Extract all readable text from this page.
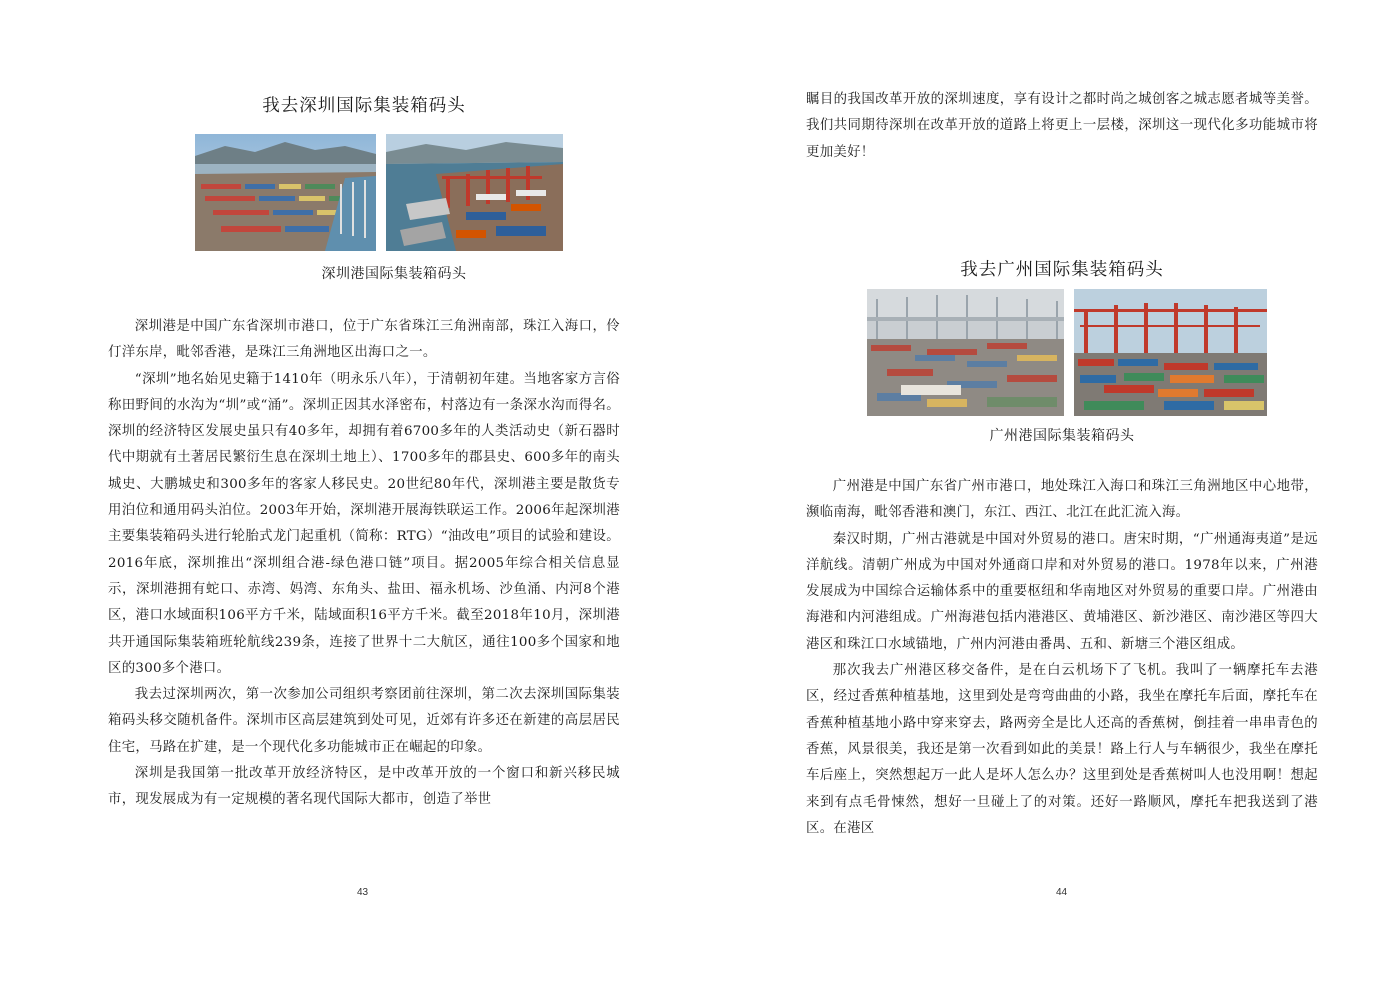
我去深圳国际集装箱码头
深圳港国际集装箱码头

深圳港是中国广东省深圳市港口，位于广东省珠江三角洲南部，珠江入海口，伶仃洋东岸，毗邻香港，是珠江三角洲地区出海口之一。

“深圳”地名始见史籍于1410年（明永乐八年），于清朝初年建。当地客家方言俗称田野间的水沟为“圳”或“涌”。深圳正因其水泽密布，村落边有一条深水沟而得名。深圳的经济特区发展史虽只有40多年，却拥有着6700多年的人类活动史（新石器时代中期就有土著居民繁衍生息在深圳土地上）、1700多年的郡县史、600多年的南头城史、大鹏城史和300多年的客家人移民史。20世纪80年代，深圳港主要是散货专用泊位和通用码头泊位。2003年开始，深圳港开展海铁联运工作。2006年起深圳港主要集装箱码头进行轮胎式龙门起重机（简称：RTG）“油改电”项目的试验和建设。2016年底，深圳推出“深圳组合港-绿色港口链”项目。据2005年综合相关信息显示，深圳港拥有蛇口、赤湾、妈湾、东角头、盐田、福永机场、沙鱼涌、内河8个港区，港口水域面积106平方千米，陆域面积16平方千米。截至2018年10月，深圳港共开通国际集装箱班轮航线239条，连接了世界十二大航区，通往100多个国家和地区的300多个港口。

我去过深圳两次，第一次参加公司组织考察团前往深圳，第二次去深圳国际集装箱码头移交随机备件。深圳市区高层建筑到处可见，近郊有许多还在新建的高层居民住宅，马路在扩建，是一个现代化多功能城市正在崛起的印象。

深圳是我国第一批改革开放经济特区，是中改革开放的一个窗口和新兴移民城市，现发展成为有一定规模的著名现代国际大都市，创造了举世

43

瞩目的我国改革开放的深圳速度，享有设计之都时尚之城创客之城志愿者城等美誉。我们共同期待深圳在改革开放的道路上将更上一层楼，深圳这一现代化多功能城市将更加美好！

我去广州国际集装箱码头
广州港国际集装箱码头

广州港是中国广东省广州市港口，地处珠江入海口和珠江三角洲地区中心地带，濒临南海，毗邻香港和澳门，东江、西江、北江在此汇流入海。

秦汉时期，广州古港就是中国对外贸易的港口。唐宋时期，“广州通海夷道”是远洋航线。清朝广州成为中国对外通商口岸和对外贸易的港口。1978年以来，广州港发展成为中国综合运输体系中的重要枢纽和华南地区对外贸易的重要口岸。广州港由海港和内河港组成。广州海港包括内港港区、黄埔港区、新沙港区、南沙港区等四大港区和珠江口水域锚地，广州内河港由番禺、五和、新塘三个港区组成。

那次我去广州港区移交备件，是在白云机场下了飞机。我叫了一辆摩托车去港区，经过香蕉种植基地，这里到处是弯弯曲曲的小路，我坐在摩托车后面，摩托车在香蕉种植基地小路中穿来穿去，路两旁全是比人还高的香蕉树，倒挂着一串串青色的香蕉，风景很美，我还是第一次看到如此的美景！路上行人与车辆很少，我坐在摩托车后座上，突然想起万一此人是坏人怎么办？这里到处是香蕉树叫人也没用啊！想起来到有点毛骨悚然，想好一旦碰上了的对策。还好一路顺风，摩托车把我送到了港区。在港区

44
